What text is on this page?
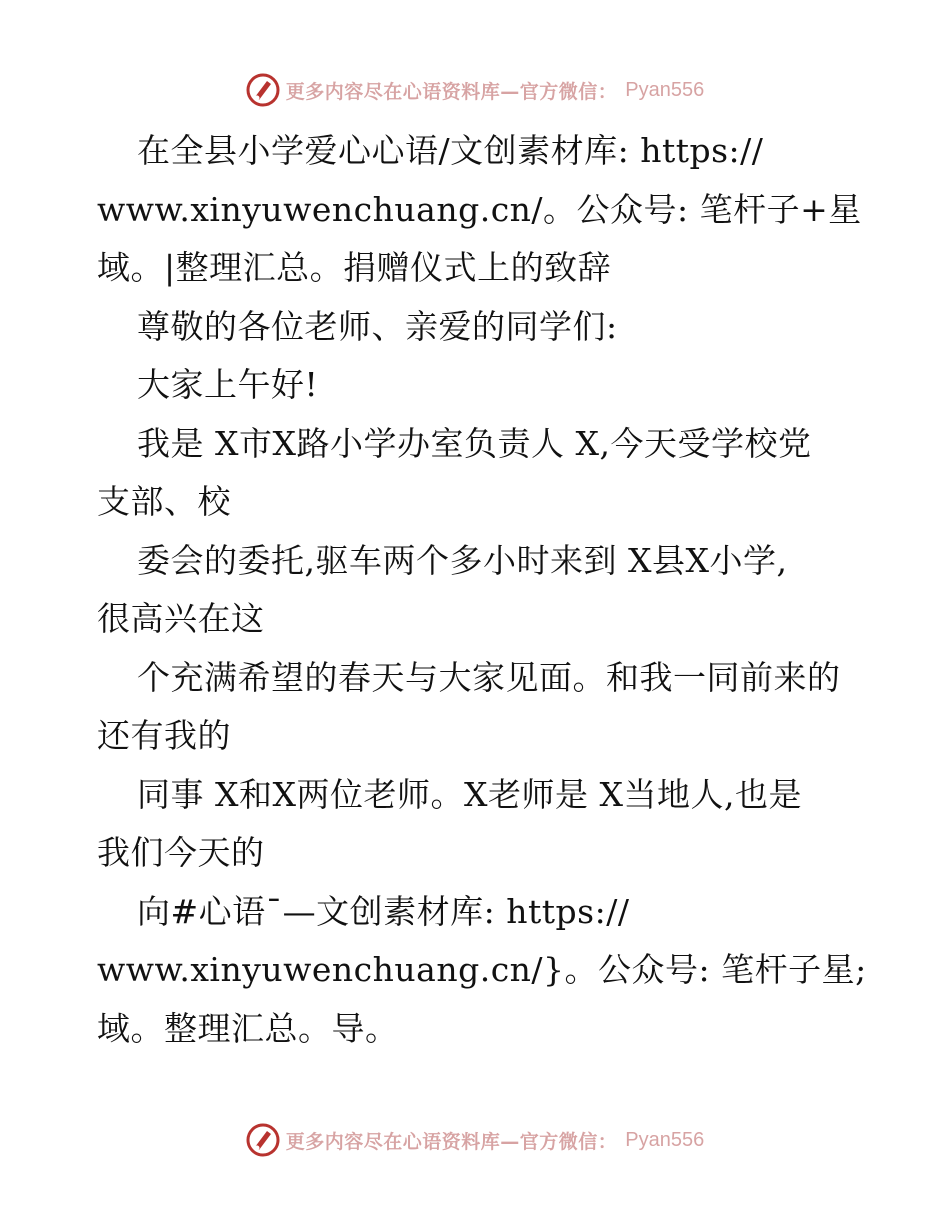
更多内容尽在心语资料库—官方微信： Pyan556
在全县小学爱心心语/文创素材库: https://
www.xinyuwenchuang.cn/。公众号: 笔杆子+星
域。|整理汇总。捐赠仪式上的致辞
尊敬的各位老师、亲爱的同学们:
大家上午好!
我是 X市X路小学办室负责人 X,今天受学校党
支部、校
委会的委托,驱车两个多小时来到 X县X小学,
很高兴在这
个充满希望的春天与大家见面。和我一同前来的
还有我的
同事 X和X两位老师。X老师是 X当地人,也是
我们今天的
向#心语¯—文创素材库: https://
www.xinyuwenchuang.cn/}。公众号: 笔杆子星;
域。整理汇总。导。
更多内容尽在心语资料库—官方微信： Pyan556
